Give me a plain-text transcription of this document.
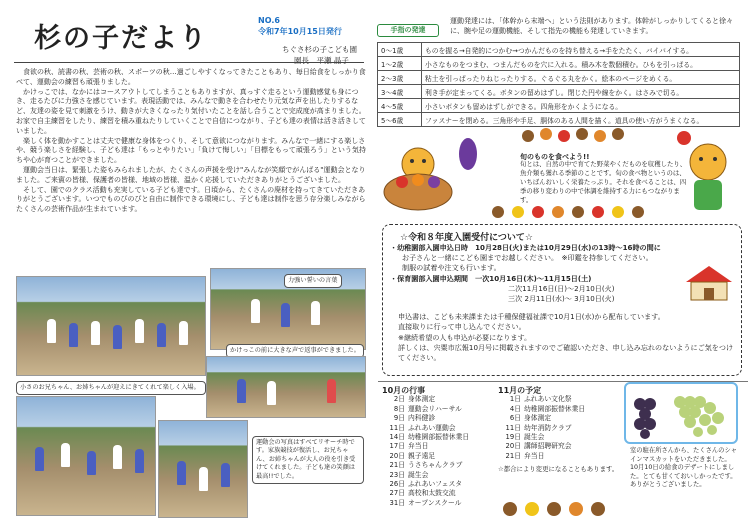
杉の子だより
NO.6
令和7年10月15日発行
ちぐさ杉の子こども園
園長　平瀬 晶子

食欲の秋、読書の秋、芸術の秋、スポーツの秋…過ごしやすくなってきたこともあり、毎日給食をしっかり食べて、運動会の練習も頑張りました。

かけっこでは、なかにはコースアウトしてしまうこともありますが、真っすぐ走るという運動感覚も身につき、走るたびに力強さを感じています。表現活動では、みんなで動きを合わせたり元気な声を出したりするなど、友達の姿を見て刺激をうけ、動きが大きくなったり気付いたことを話し合うことで完成度が高まりました。お家で自主練習をしたり、練習を積み重ねたりしていくことで自信につながり、子ども達の表情は活き活きしていました。

楽しく体を動かすことは丈夫で健康な身体をつくり、そして意欲につながります。みんなで一緒にする楽しさや、競う楽しさを経験し、子ども達は「もっとやりたい」「負けて悔しい」「目標をもって頑張ろう」という気持ちや心が育つことができました。

運動会当日は、緊張した姿もみられましたが、たくさんの声援を受け"みんなが笑顔でがんばる"運動会となりました。ご来賓の皆様、保護者の皆様、地域の皆様、温かく応援していただきありがとうございました。

そして、園でのクラス活動も充実している子ども達です。日頃から、たくさんの廃材を持ってきていただきありがとうございます。いつでものびのびと自由に制作できる環境にし、子ども達は制作を思う存分楽しみながらたくさんの芸術作品が生まれています。

力強い誓いの言葉
かけっこの前に大きな声で返事ができました。
小さのお兄ちゃん、お姉ちゃんが迎えにきてくれて楽しく入場。
運動会の写真はすべてリサーチ時です。家族競技が復活し、お兄ちゃん、お姉ちゃんが大人の役を引き受けてくれました。子ども達の笑顔は最高!!でした。
手指の発達
運動発達には、「体幹から末端へ」という法則があります。体幹がしっかりしてくると徐々に、腕や足の運動機能、そして指先の機能も発達していきます。
0〜1歳	ものを握る→自発的につかむ→つかんだものを持ち替える→手をたたく、バイバイする。
1〜2歳	小さなものをつまむ、つまんだものを穴に入れる。積み木を数個積む。ひもを引っぱる。
2〜3歳	粘土を引っぱったりねじったりする。ぐるぐる丸をかく。絵本のページをめくる。
3〜4歳	利き手が定まってくる。ボタンの留めはずし。閉じた円や線をかく。はさみで切る。
4〜5歳	小さいボタンも留めはずしができる。四角形をかくようになる。
5〜6歳	ファスナーを閉める。三角形や手足、胴体のある人間を描く。道具の使い方がうまくなる。
旬のものを食べよう!!
旬とは、自然の中で育てた野菜やくだものを収穫したり、魚介類も獲れる季節のことです。旬の食べ物というのは、いちばんおいしく栄養たっぷり。それを食べることは、四季の移り変わりの中で体調を維持する力にもつながります。
☆令和８年度入園受付について☆
・幼稚園部入園申込日時　10月28日(火)または10月29日(水)の13時〜16時の間に
お子さんと一緒にこども園までお越しください。　※印鑑を持参してください。
制服の試着や注文も行います。
・保育園部入園申込期間　一次10月16日(木)〜11月15日(土)
二次11月16日(日)〜2月10日(火)
三次 2月11日(水)〜 3月10日(火)
申込書は、こども未来課または千種保健福祉課で10月1日(水)から配布しています。
直接取りに行って申し込んでください。
※継続希望の人も申込が必要になります。
詳しくは、宍粟市広報10月号に掲載されますのでご確認いただき、申し込み忘れのないようにご気をつけてください。
10月の行事
2日 身体測定
8日 運動会リハーサル
9日 内科健診
11日 ふれあい運動会
14日 幼稚園部振替休業日
17日 弁当日
20日 親子遠足
21日 うさちゃんクラブ
23日 誕生会
26日 ふれあいフェスタ
27日 高校和太鼓交流
31日 オープンスクール
11月の予定
1日 ふれあい文化祭
4日 幼稚園部振替休業日
6日 身体測定
11日 幼年消防クラブ
19日 誕生会
20日 講師招聘研究会
21日 弁当日
☆都合により変更になることもあります。
室の駐在所さんから、たくさんのシャインマスカットをいただきました。10月10日の給食のデザートにしました。とても甘くておいしかったです。ありがとうございました。
